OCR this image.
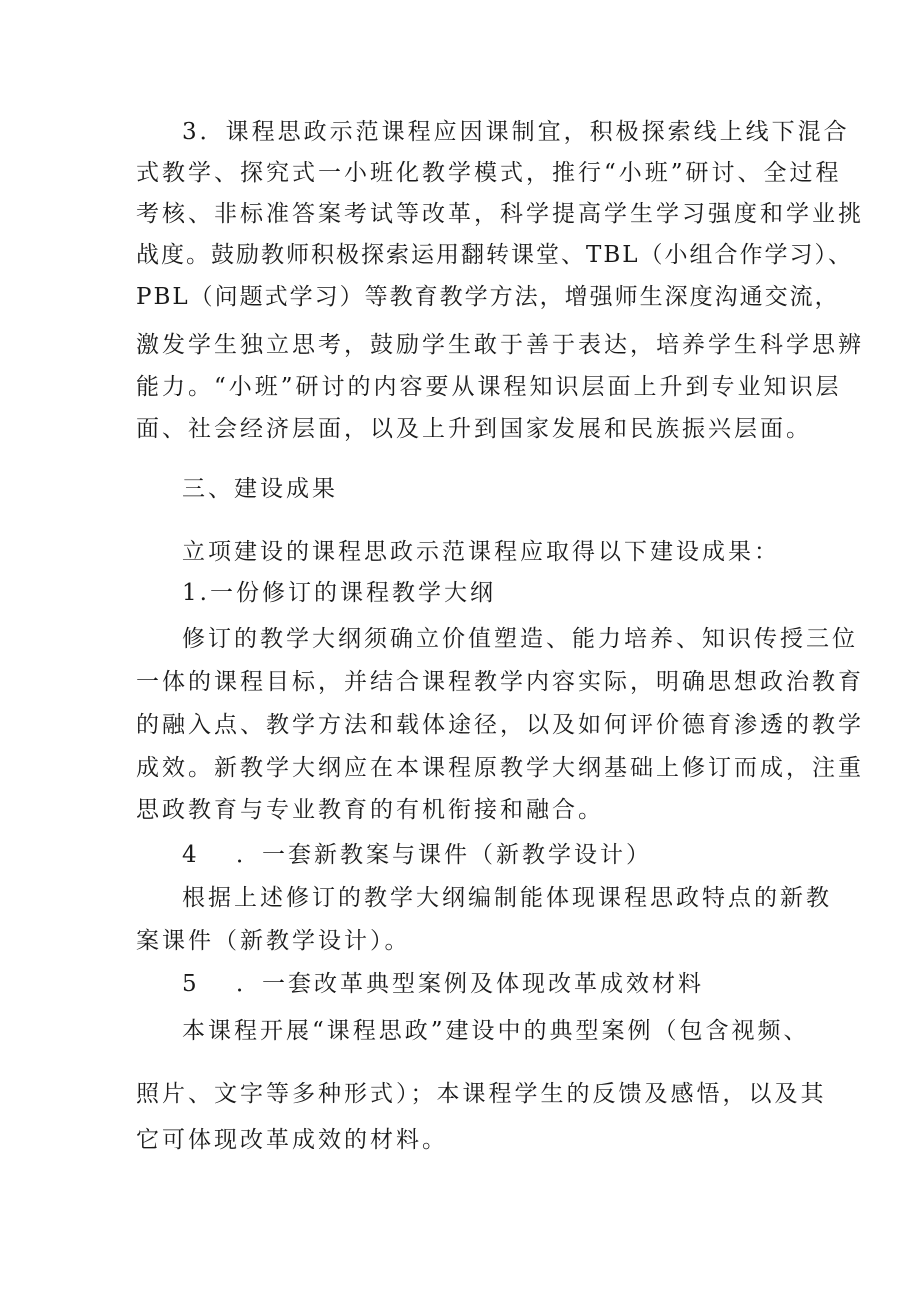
3．课程思政示范课程应因课制宜，积极探索线上线下混合
式教学、探究式一小班化教学模式，推行“小班”研讨、全过程
考核、非标准答案考试等改革，科学提高学生学习强度和学业挑
战度。鼓励教师积极探索运用翻转课堂、TBL（小组合作学习）、
PBL（问题式学习）等教育教学方法，增强师生深度沟通交流，
激发学生独立思考，鼓励学生敢于善于表达，培养学生科学思辨
能力。“小班”研讨的内容要从课程知识层面上升到专业知识层
面、社会经济层面，以及上升到国家发展和民族振兴层面。
三、建设成果
立项建设的课程思政示范课程应取得以下建设成果：
1.一份修订的课程教学大纲
修订的教学大纲须确立价值塑造、能力培养、知识传授三位
一体的课程目标，并结合课程教学内容实际，明确思想政治教育
的融入点、教学方法和载体途径，以及如何评价德育渗透的教学
成效。新教学大纲应在本课程原教学大纲基础上修订而成，注重
思政教育与专业教育的有机衔接和融合。
4 ．一套新教案与课件（新教学设计）
根据上述修订的教学大纲编制能体现课程思政特点的新教
案课件（新教学设计）。
5 ．一套改革典型案例及体现改革成效材料
本课程开展“课程思政”建设中的典型案例（包含视频、
照片、文字等多种形式）；本课程学生的反馈及感悟，以及其
它可体现改革成效的材料。
